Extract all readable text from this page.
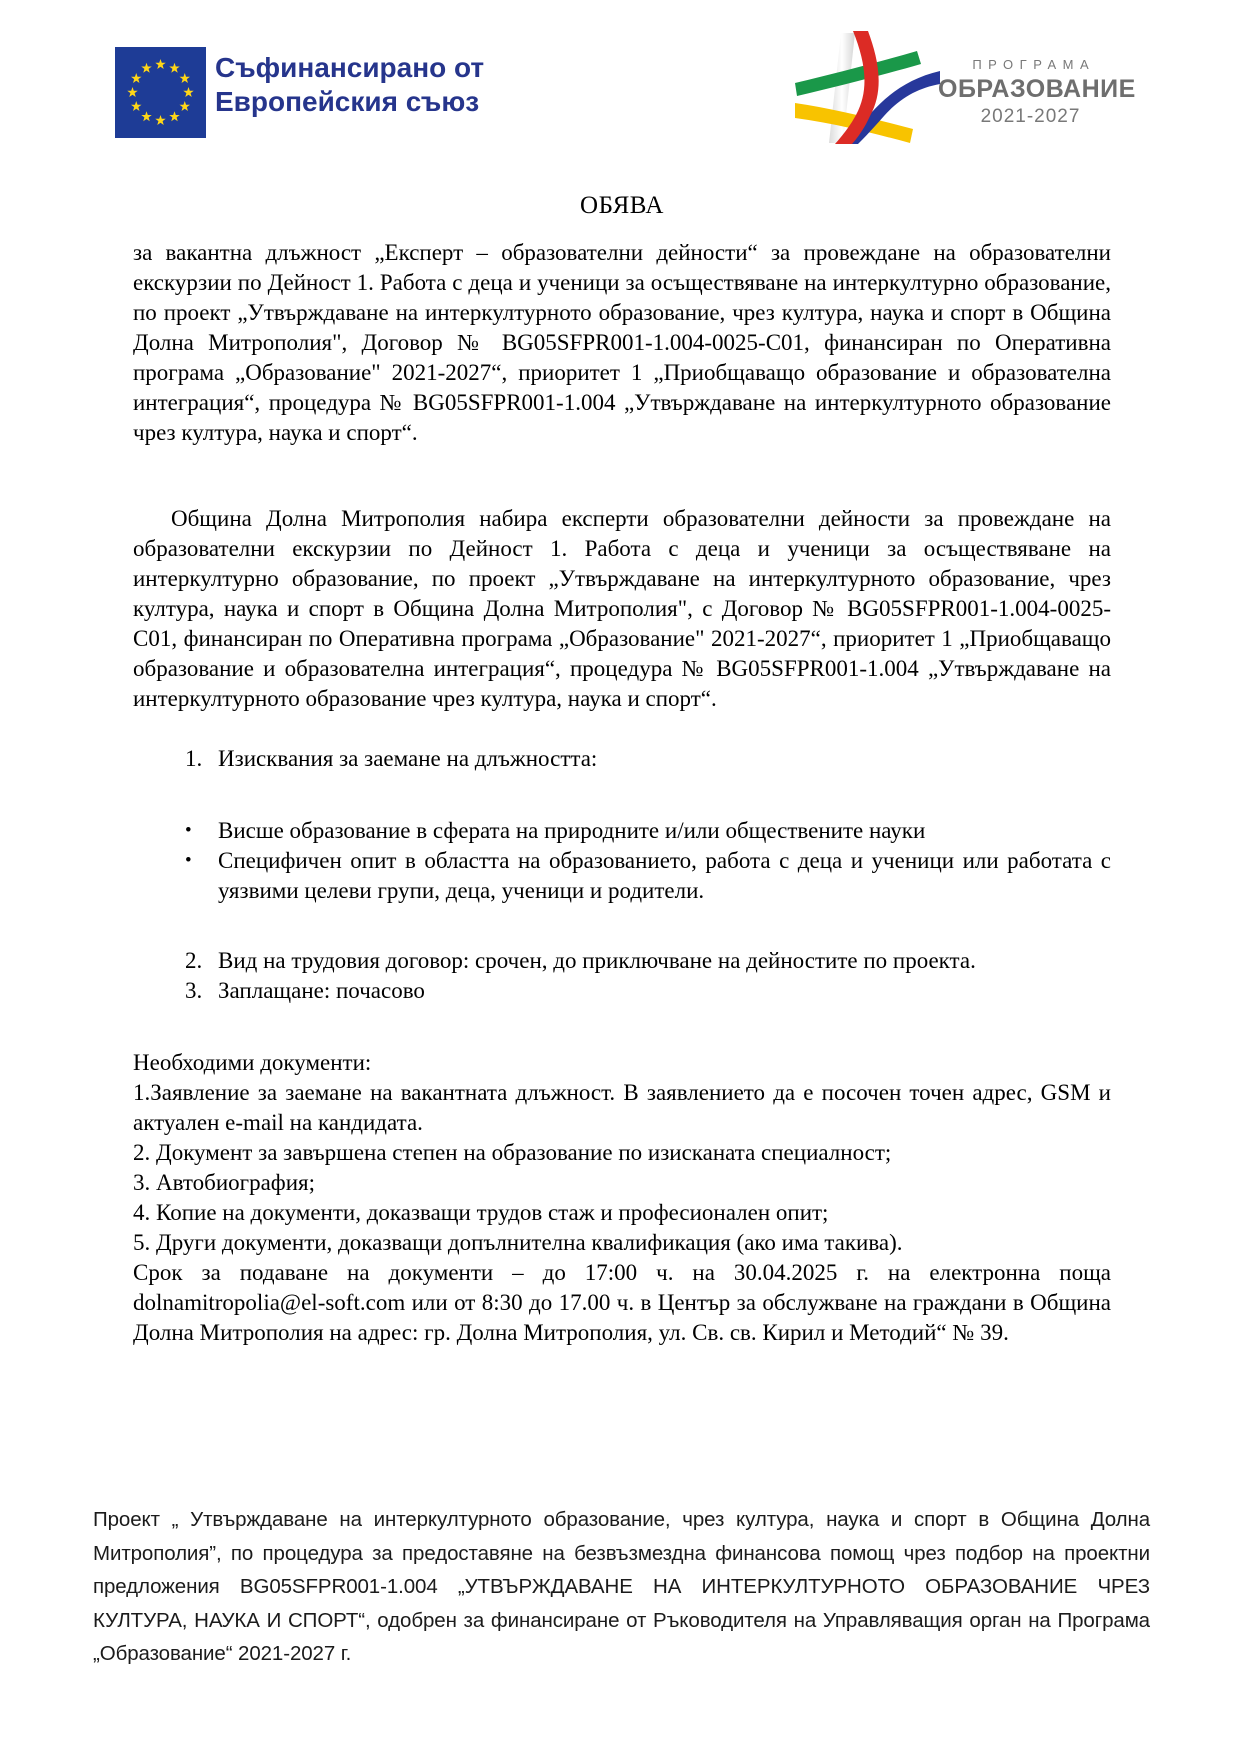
Съфинансирано от
Европейския съюз
ПРОГРАМА
ОБРАЗОВАНИЕ
2021-2027
ОБЯВА

за вакантна длъжност „Експерт – образователни дейности“ за провеждане на образователни екскурзии по Дейност 1. Работа с деца и ученици за осъществяване на интеркултурно образование, по проект „Утвърждаване на интеркултурното образование, чрез култура, наука и спорт в Община Долна Митрополия", Договор № BG05SFPR001-1.004-0025-C01, финансиран по Оперативна програма „Образование" 2021-2027“, приоритет 1 „Приобщаващо образование и образователна интеграция“, процедура № BG05SFPR001-1.004 „Утвърждаване на интеркултурното образование чрез култура, наука и спорт“.

Община Долна Митрополия набира експерти образователни дейности за провеждане на образователни екскурзии по Дейност 1. Работа с деца и ученици за осъществяване на интеркултурно образование, по проект „Утвърждаване на интеркултурното образование, чрез култура, наука и спорт в Община Долна Митрополия", с Договор № BG05SFPR001-1.004-0025-C01, финансиран по Оперативна програма „Образование" 2021-2027“, приоритет 1 „Приобщаващо образование и образователна интеграция“, процедура № BG05SFPR001-1.004 „Утвърждаване на интеркултурното образование чрез култура, наука и спорт“.

1. Изисквания за заемане на длъжността:
•	Висше образование в сферата на природните и/или обществените науки
•	Специфичен опит в областта на образованието, работа с деца и ученици или работата с уязвими целеви групи, деца, ученици и родители.
2. Вид на трудовия договор: срочен, до приключване на дейностите по проекта.
3. Заплащане: почасово
Необходими документи:
1.Заявление за заемане на вакантната длъжност. В заявлението да е посочен точен адрес, GSM и актуален e-mail на кандидата.
2. Документ за завършена степен на образование по изисканата специалност;
3. Автобиография;
4. Копие на документи, доказващи трудов стаж и професионален опит;
5. Други документи, доказващи допълнителна квалификация (ако има такива).
Срок за подаване на документи – до 17:00 ч. на 30.04.2025 г. на електронна поща dolnamitropolia@el-soft.com или от 8:30 до 17.00 ч. в Център за обслужване на граждани в Община Долна Митрополия на адрес: гр. Долна Митрополия, ул. Св. св. Кирил и Методий“ № 39.
Проект „ Утвърждаване на интеркултурното образование, чрез култура, наука и спорт в Община Долна Митрополия”, по процедура за предоставяне на безвъзмездна финансова помощ чрез подбор на проектни предложения BG05SFPR001-1.004 „УТВЪРЖДАВАНЕ НА ИНТЕРКУЛТУРНОТО ОБРАЗОВАНИЕ ЧРЕЗ КУЛТУРА, НАУКА И СПОРТ“, одобрен за финансиране от Ръководителя на Управляващия орган на Програма „Образование“ 2021-2027 г.
